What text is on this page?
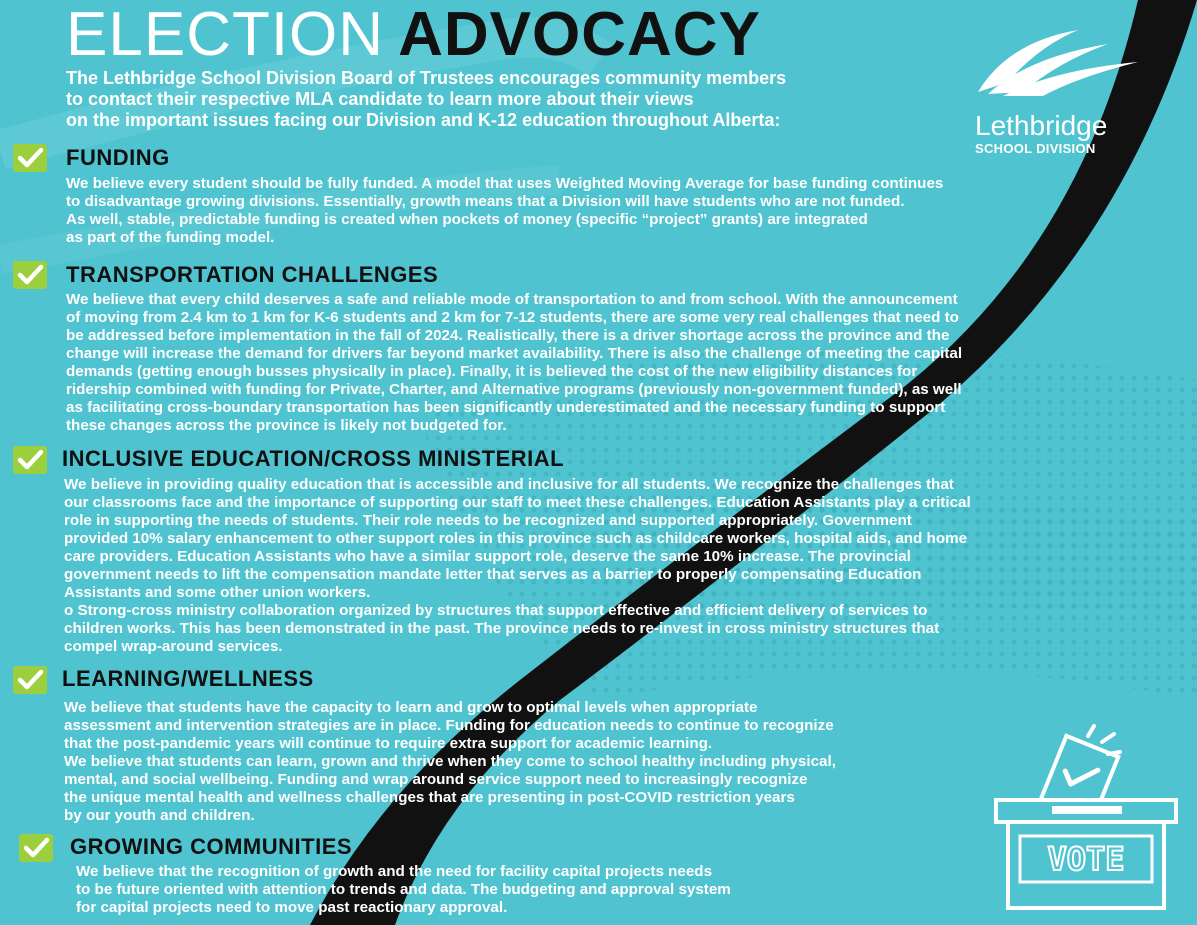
ELECTION ADVOCACY
The Lethbridge School Division Board of Trustees encourages community members
to contact their respective MLA candidate to learn more about their views
on the important issues facing our Division and K-12 education throughout Alberta:	Lethbridge
SCHOOL DIVISION
FUNDING
We believe every student should be fully funded. A model that uses Weighted Moving Average for base funding continues
to disadvantage growing divisions. Essentially, growth means that a Division will have students who are not funded.
As well, stable, predictable funding is created when pockets of money (specific “project” grants) are integrated
as part of the funding model.
TRANSPORTATION CHALLENGES
We believe that every child deserves a safe and reliable mode of transportation to and from school. With the announcement
of moving from 2.4 km to 1 km for K-6 students and 2 km for 7-12 students, there are some very real challenges that need to
be addressed before implementation in the fall of 2024. Realistically, there is a driver shortage across the province and the
change will increase the demand for drivers far beyond market availability. There is also the challenge of meeting the capital
demands (getting enough busses physically in place). Finally, it is believed the cost of the new eligibility distances for
ridership combined with funding for Private, Charter, and Alternative programs (previously non-government funded), as well
as facilitating cross-boundary transportation has been significantly underestimated and the necessary funding to support
these changes across the province is likely not budgeted for.
INCLUSIVE EDUCATION/CROSS MINISTERIAL
We believe in providing quality education that is accessible and inclusive for all students. We recognize the challenges that
our classrooms face and the importance of supporting our staff to meet these challenges. Education Assistants play a critical
role in supporting the needs of students. Their role needs to be recognized and supported appropriately. Government
provided 10% salary enhancement to other support roles in this province such as childcare workers, hospital aids, and home
care providers. Education Assistants who have a similar support role, deserve the same 10% increase. The provincial
government needs to lift the compensation mandate letter that serves as a barrier to properly compensating Education
Assistants and some other union workers.
o Strong-cross ministry collaboration organized by structures that support effective and efficient delivery of services to
children works. This has been demonstrated in the past. The province needs to re-invest in cross ministry structures that
compel wrap-around services.
LEARNING/WELLNESS
We believe that students have the capacity to learn and grow to optimal levels when appropriate
assessment and intervention strategies are in place. Funding for education needs to continue to recognize
that the post-pandemic years will continue to require extra support for academic learning.
We believe that students can learn, grown and thrive when they come to school healthy including physical,
mental, and social wellbeing. Funding and wrap around service support need to increasingly recognize
the unique mental health and wellness challenges that are presenting in post-COVID restriction years
by our youth and children.
GROWING COMMUNITIES
We believe that the recognition of growth and the need for facility capital projects needs
to be future oriented with attention to trends and data. The budgeting and approval system
for capital projects need to move past reactionary approval.
VOTE
